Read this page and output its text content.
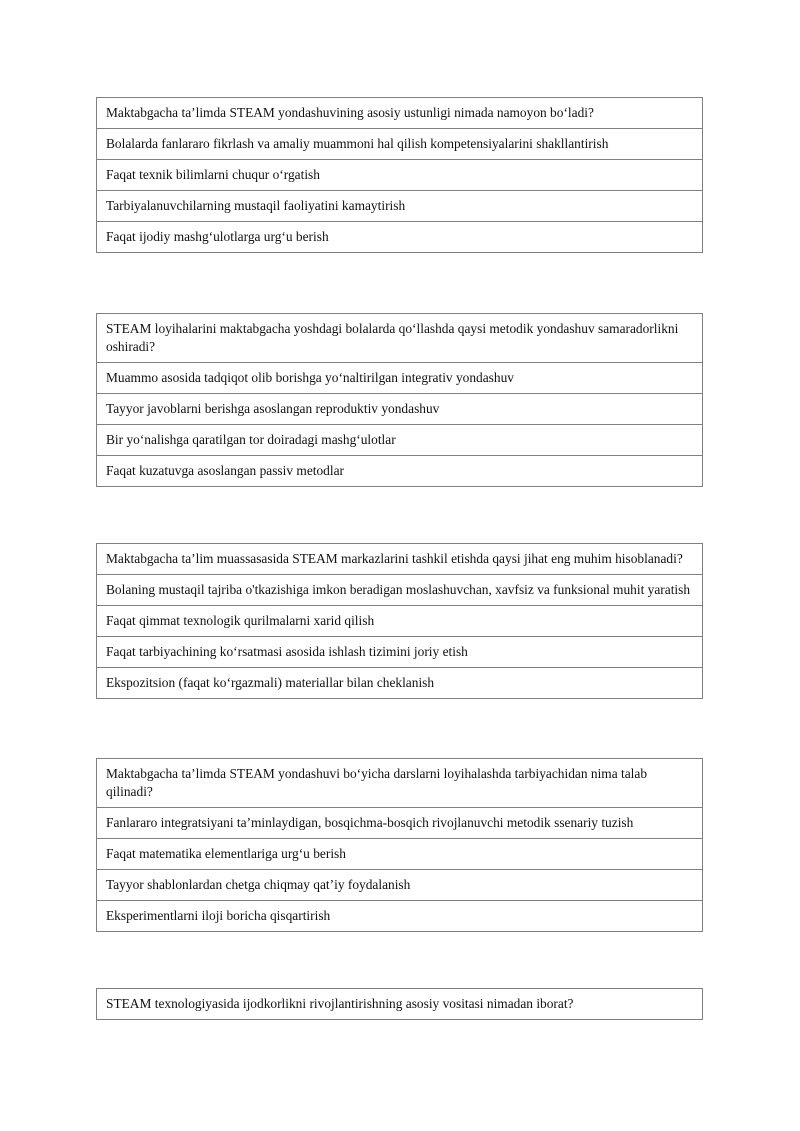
Maktabgacha ta’limda STEAM yondashuvining asosiy ustunligi nimada namoyon bo‘ladi?
Bolalarda fanlararo fikrlash va amaliy muammoni hal qilish kompetensiyalarini shakllantirish
Faqat texnik bilimlarni chuqur o‘rgatish
Tarbiyalanuvchilarning mustaqil faoliyatini kamaytirish
Faqat ijodiy mashg‘ulotlarga urg‘u berish
STEAM loyihalarini maktabgacha yoshdagi bolalarda qo‘llashda qaysi metodik yondashuv samaradorlikni oshiradi?
Muammo asosida tadqiqot olib borishga yo‘naltirilgan integrativ yondashuv
Tayyor javoblarni berishga asoslangan reproduktiv yondashuv
Bir yo‘nalishga qaratilgan tor doiradagi mashg‘ulotlar
Faqat kuzatuvga asoslangan passiv metodlar
Maktabgacha ta’lim muassasasida STEAM markazlarini tashkil etishda qaysi jihat eng muhim hisoblanadi?
Bolaning mustaqil tajriba o'tkazishiga imkon beradigan moslashuvchan, xavfsiz va funksional muhit yaratish
Faqat qimmat texnologik qurilmalarni xarid qilish
Faqat tarbiyachining ko‘rsatmasi asosida ishlash tizimini joriy etish
Ekspozitsion (faqat ko‘rgazmali) materiallar bilan cheklanish
Maktabgacha ta’limda STEAM yondashuvi bo‘yicha darslarni loyihalashda tarbiyachidan nima talab qilinadi?
Fanlararo integratsiyani ta’minlaydigan, bosqichma-bosqich rivojlanuvchi metodik ssenariy tuzish
Faqat matematika elementlariga urg‘u berish
Tayyor shablonlardan chetga chiqmay qat’iy foydalanish
Eksperimentlarni iloji boricha qisqartirish
STEAM texnologiyasida ijodkorlikni rivojlantirishning asosiy vositasi nimadan iborat?
